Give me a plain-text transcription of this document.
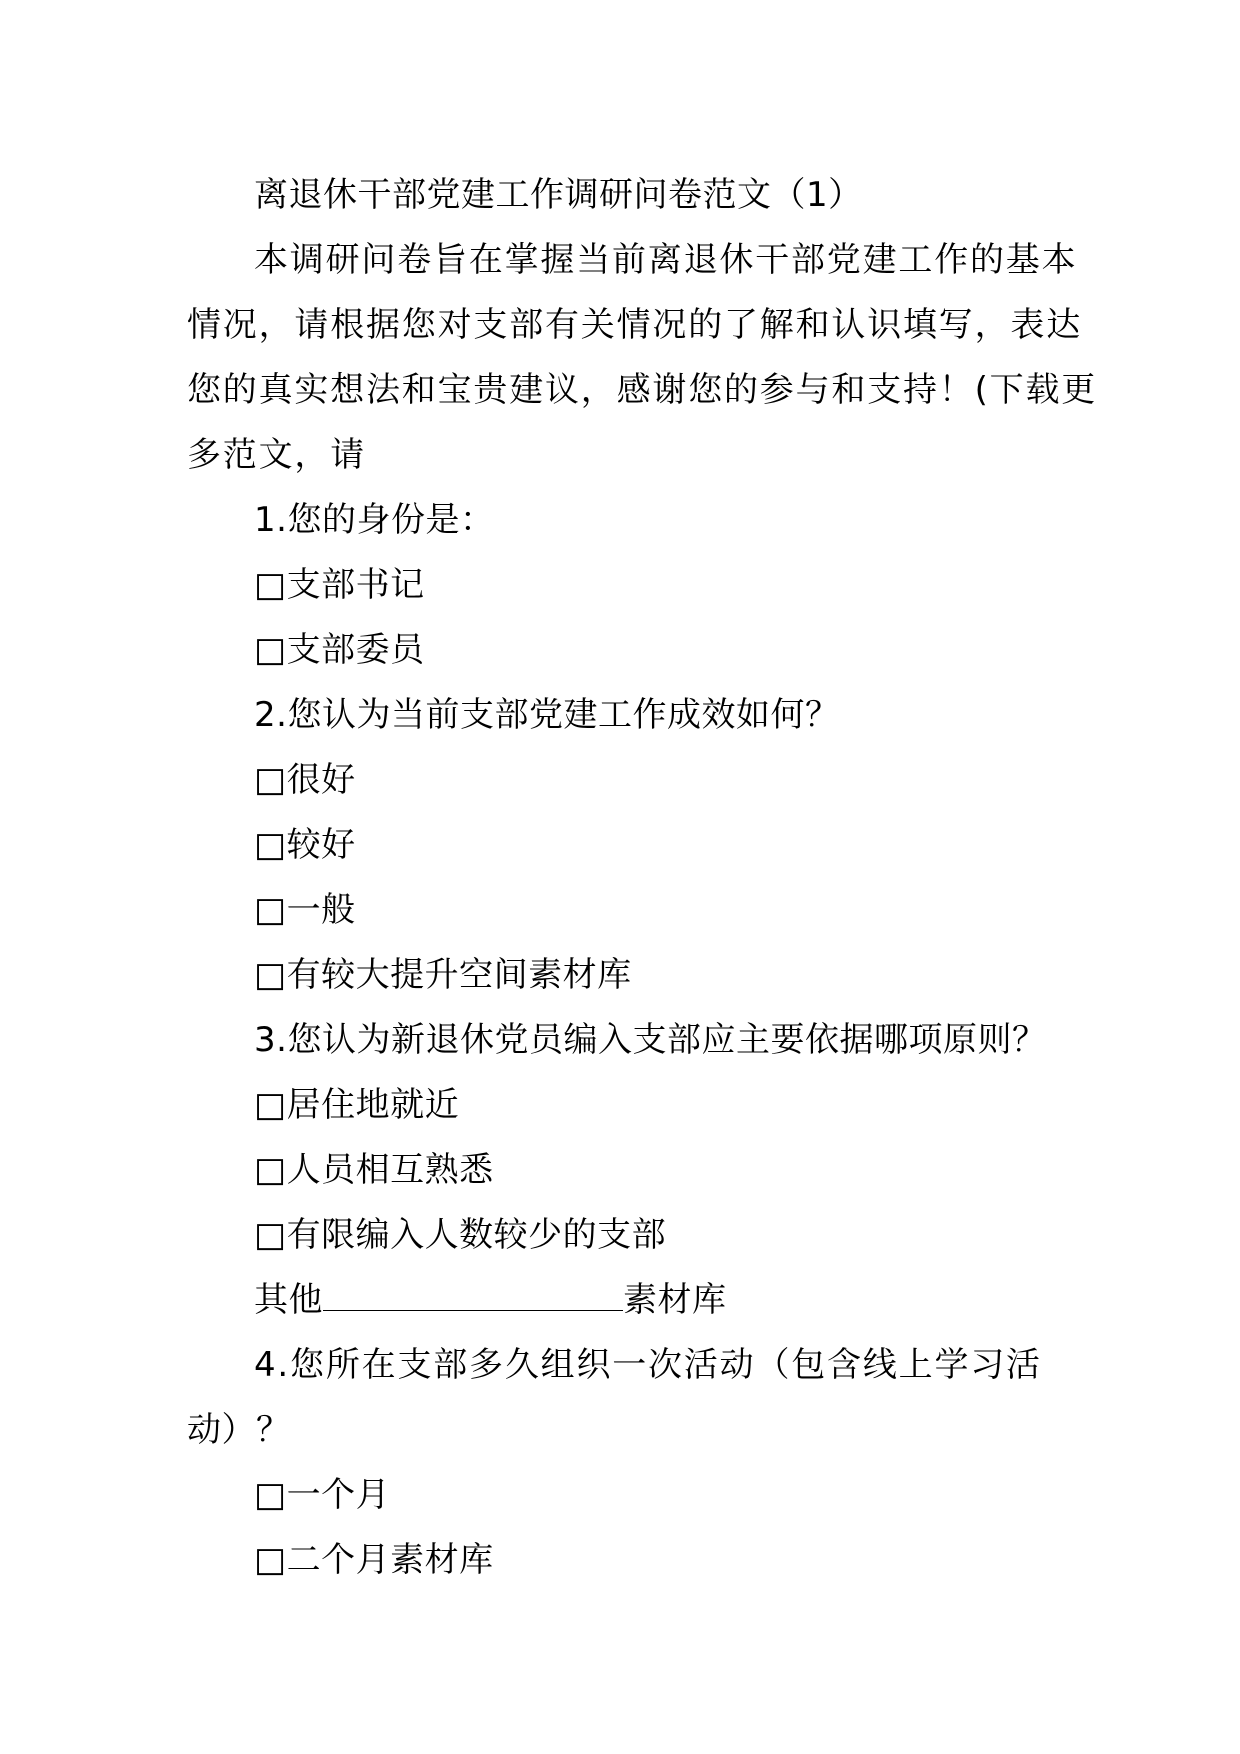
离退休干部党建工作调研问卷范文（1）
本调研问卷旨在掌握当前离退休干部党建工作的基本
情况，请根据您对支部有关情况的了解和认识填写，表达
您的真实想法和宝贵建议，感谢您的参与和支持！(下载更
多范文，请
1.您的身份是：
□支部书记
□支部委员
2.您认为当前支部党建工作成效如何？
□很好
□较好
□一般
□有较大提升空间素材库
3.您认为新退休党员编入支部应主要依据哪项原则？
□居住地就近
□人员相互熟悉
□有限编入人数较少的支部
其他	素材库
4.您所在支部多久组织一次活动（包含线上学习活
动）？
□一个月
□二个月素材库
